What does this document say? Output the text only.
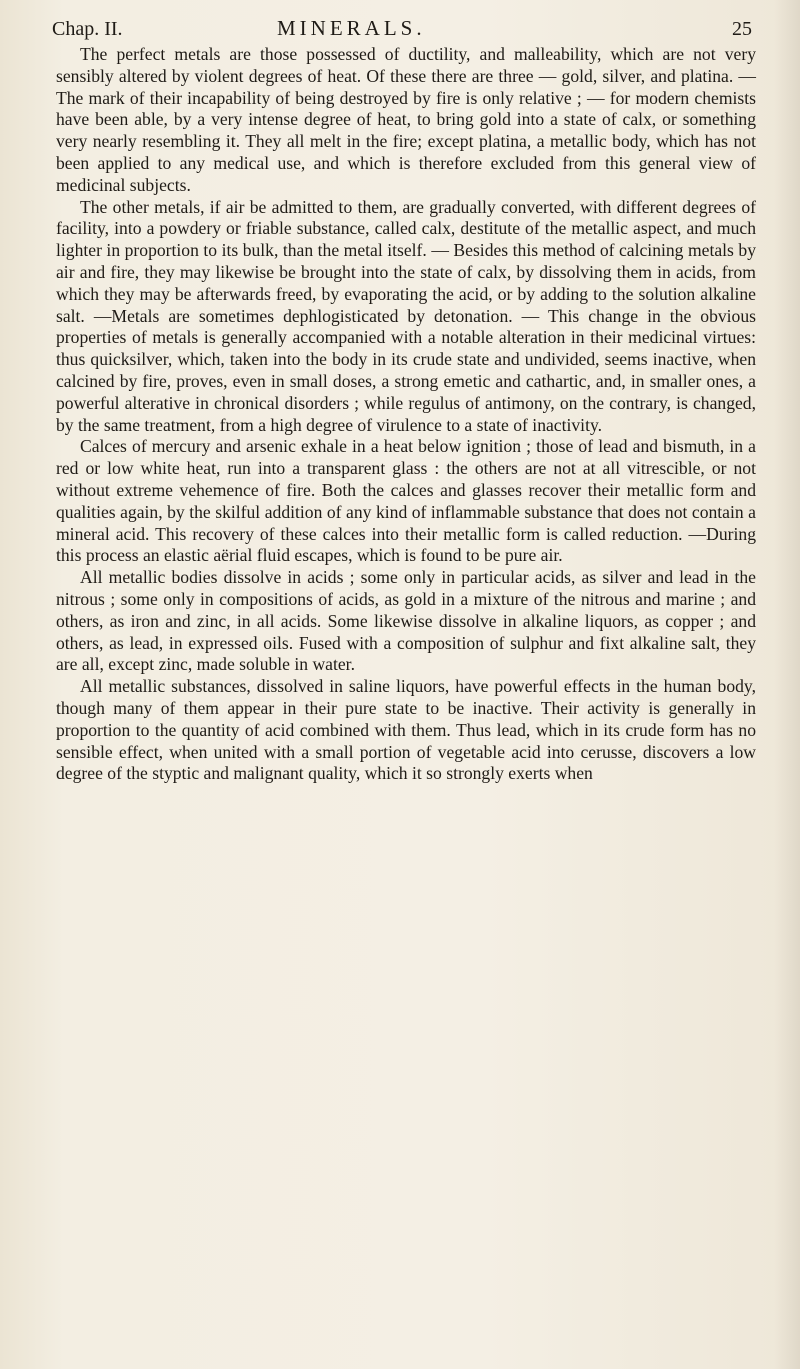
Chap. II.	MINERALS.	25

The perfect metals are those possessed of ductility, and malleability, which are not very sensibly altered by violent degrees of heat. Of these there are three — gold, silver, and platina. — The mark of their incapability of being destroyed by fire is only relative ; — for modern chemists have been able, by a very intense degree of heat, to bring gold into a state of calx, or something very nearly resembling it. They all melt in the fire; except platina, a metallic body, which has not been applied to any medical use, and which is therefore excluded from this general view of medicinal subjects.

The other metals, if air be admitted to them, are gradually converted, with different degrees of facility, into a powdery or friable substance, called calx, destitute of the metallic aspect, and much lighter in proportion to its bulk, than the metal itself. — Besides this method of calcining metals by air and fire, they may likewise be brought into the state of calx, by dissolving them in acids, from which they may be afterwards freed, by evaporating the acid, or by adding to the solution alkaline salt. —Metals are sometimes dephlogisticated by detonation. — This change in the obvious properties of metals is generally accompanied with a notable alteration in their medicinal virtues: thus quicksilver, which, taken into the body in its crude state and undivided, seems inactive, when calcined by fire, proves, even in small doses, a strong emetic and cathartic, and, in smaller ones, a powerful alterative in chronical disorders ; while regulus of antimony, on the contrary, is changed, by the same treatment, from a high degree of virulence to a state of inactivity.

Calces of mercury and arsenic exhale in a heat below ignition ; those of lead and bismuth, in a red or low white heat, run into a transparent glass : the others are not at all vitrescible, or not without extreme vehemence of fire. Both the calces and glasses recover their metallic form and qualities again, by the skilful addition of any kind of inflammable substance that does not contain a mineral acid. This recovery of these calces into their metallic form is called reduction. —During this process an elastic aërial fluid escapes, which is found to be pure air.

All metallic bodies dissolve in acids ; some only in particular acids, as silver and lead in the nitrous ; some only in compositions of acids, as gold in a mixture of the nitrous and marine ; and others, as iron and zinc, in all acids. Some likewise dissolve in alkaline liquors, as copper ; and others, as lead, in expressed oils. Fused with a composition of sulphur and fixt alkaline salt, they are all, except zinc, made soluble in water.

All metallic substances, dissolved in saline liquors, have powerful effects in the human body, though many of them appear in their pure state to be inactive. Their activity is generally in proportion to the quantity of acid combined with them. Thus lead, which in its crude form has no sensible effect, when united with a small portion of vegetable acid into cerusse, discovers a low degree of the styptic and malignant quality, which it so strongly exerts when
